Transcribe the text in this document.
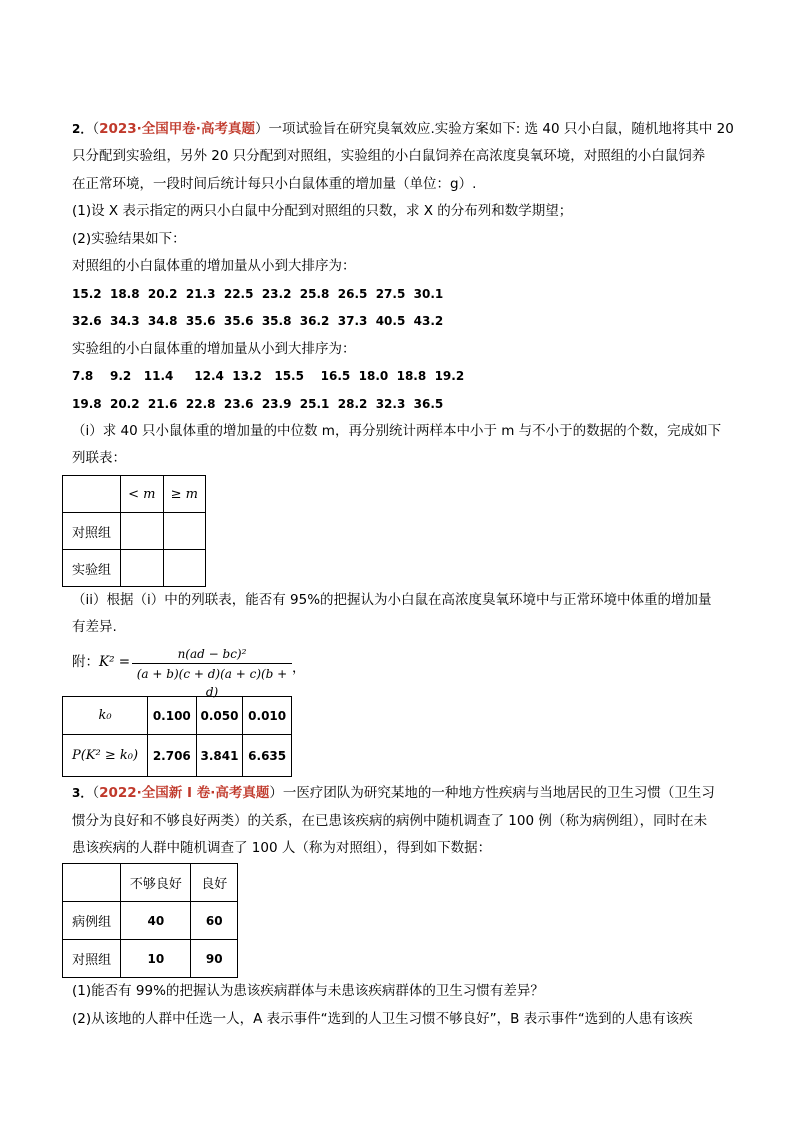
2．（2023·全国甲卷·高考真题）一项试验旨在研究臭氧效应.实验方案如下: 选 40 只小白鼠，随机地将其中 20
只分配到实验组，另外 20 只分配到对照组，实验组的小白鼠饲养在高浓度臭氧环境，对照组的小白鼠饲养
在正常环境，一段时间后统计每只小白鼠体重的增加量（单位：g）.
(1)设 X 表示指定的两只小白鼠中分配到对照组的只数，求 X 的分布列和数学期望；
(2)实验结果如下：
对照组的小白鼠体重的增加量从小到大排序为：
15.2  18.8  20.2  21.3  22.5  23.2  25.8  26.5  27.5  30.1
32.6  34.3  34.8  35.6  35.6  35.8  36.2  37.3  40.5  43.2
实验组的小白鼠体重的增加量从小到大排序为：
7.8    9.2   11.4     12.4  13.2   15.5    16.5  18.0  18.8  19.2
19.8  20.2  21.6  22.8  23.6  23.9  25.1  28.2  32.3  36.5
（i）求 40 只小鼠体重的增加量的中位数 m，再分别统计两样本中小于 m 与不小于的数据的个数，完成如下
列联表：
	< m	≥ m
对照组		
实验组		
（ii）根据（i）中的列联表，能否有 95%的把握认为小白鼠在高浓度臭氧环境中与正常环境中体重的增加量
有差异.
附：K² =	n(ad − bc)²
(a + b)(c + d)(a + c)(b + d)
，
k₀	0.100	0.050	0.010
P(K² ≥ k₀)	2.706	3.841	6.635
3．（2022·全国新 I 卷·高考真题）一医疗团队为研究某地的一种地方性疾病与当地居民的卫生习惯（卫生习
惯分为良好和不够良好两类）的关系，在已患该疾病的病例中随机调查了 100 例（称为病例组），同时在未
患该疾病的人群中随机调查了 100 人（称为对照组），得到如下数据：
	不够良好	良好
病例组	40	60
对照组	10	90
(1)能否有 99%的把握认为患该疾病群体与未患该疾病群体的卫生习惯有差异？
(2)从该地的人群中任选一人，A 表示事件“选到的人卫生习惯不够良好”，B 表示事件“选到的人患有该疾
